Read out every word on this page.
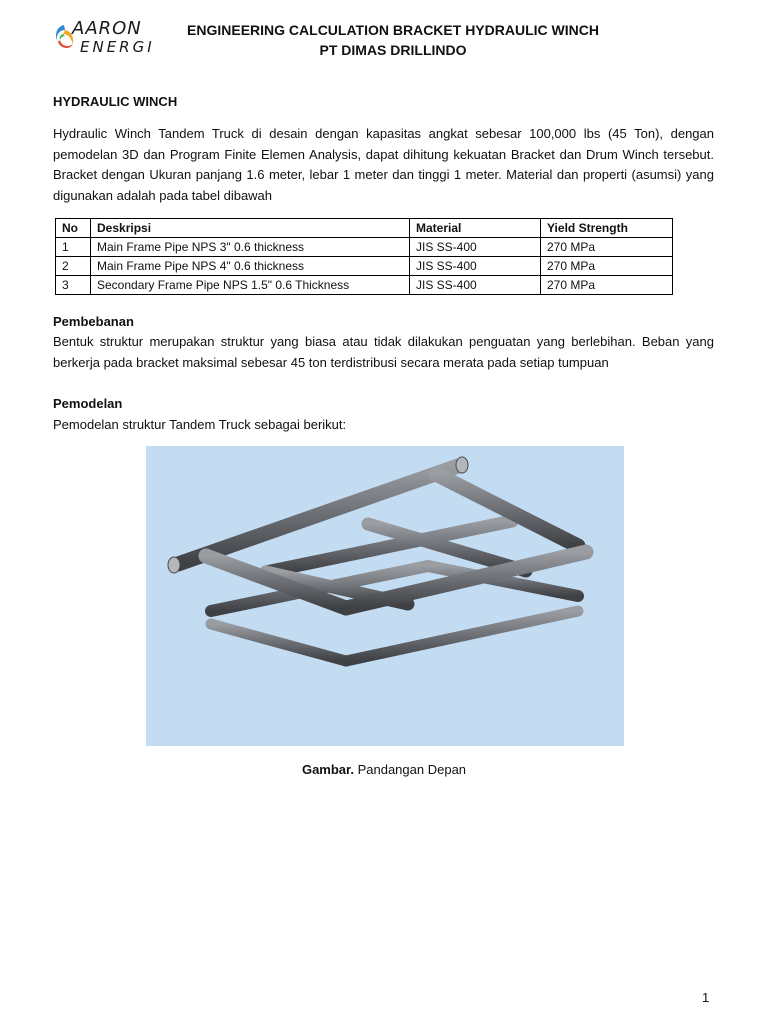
AARON
ENERGI
ENGINEERING CALCULATION BRACKET HYDRAULIC WINCH
PT DIMAS DRILLINDO
HYDRAULIC WINCH

Hydraulic Winch Tandem Truck di desain dengan kapasitas angkat sebesar 100,000 lbs (45 Ton), dengan pemodelan 3D dan Program Finite Elemen Analysis, dapat dihitung kekuatan Bracket dan Drum Winch tersebut. Bracket dengan Ukuran panjang 1.6 meter, lebar 1 meter dan tinggi 1 meter. Material dan properti (asumsi) yang digunakan adalah pada tabel dibawah

No	Deskripsi	Material	Yield Strength
1	Main Frame Pipe NPS 3" 0.6 thickness	JIS SS-400	270 MPa
2	Main Frame Pipe NPS 4" 0.6 thickness	JIS SS-400	270 MPa
3	Secondary Frame Pipe NPS 1.5" 0.6 Thickness	JIS SS-400	270 MPa
Pembebanan

Bentuk struktur merupakan struktur yang biasa atau tidak dilakukan penguatan yang berlebihan. Beban yang berkerja pada bracket maksimal sebesar 45 ton terdistribusi secara merata pada setiap tumpuan

Pemodelan

Pemodelan struktur Tandem Truck sebagai berikut:

Gambar. Pandangan Depan
1
